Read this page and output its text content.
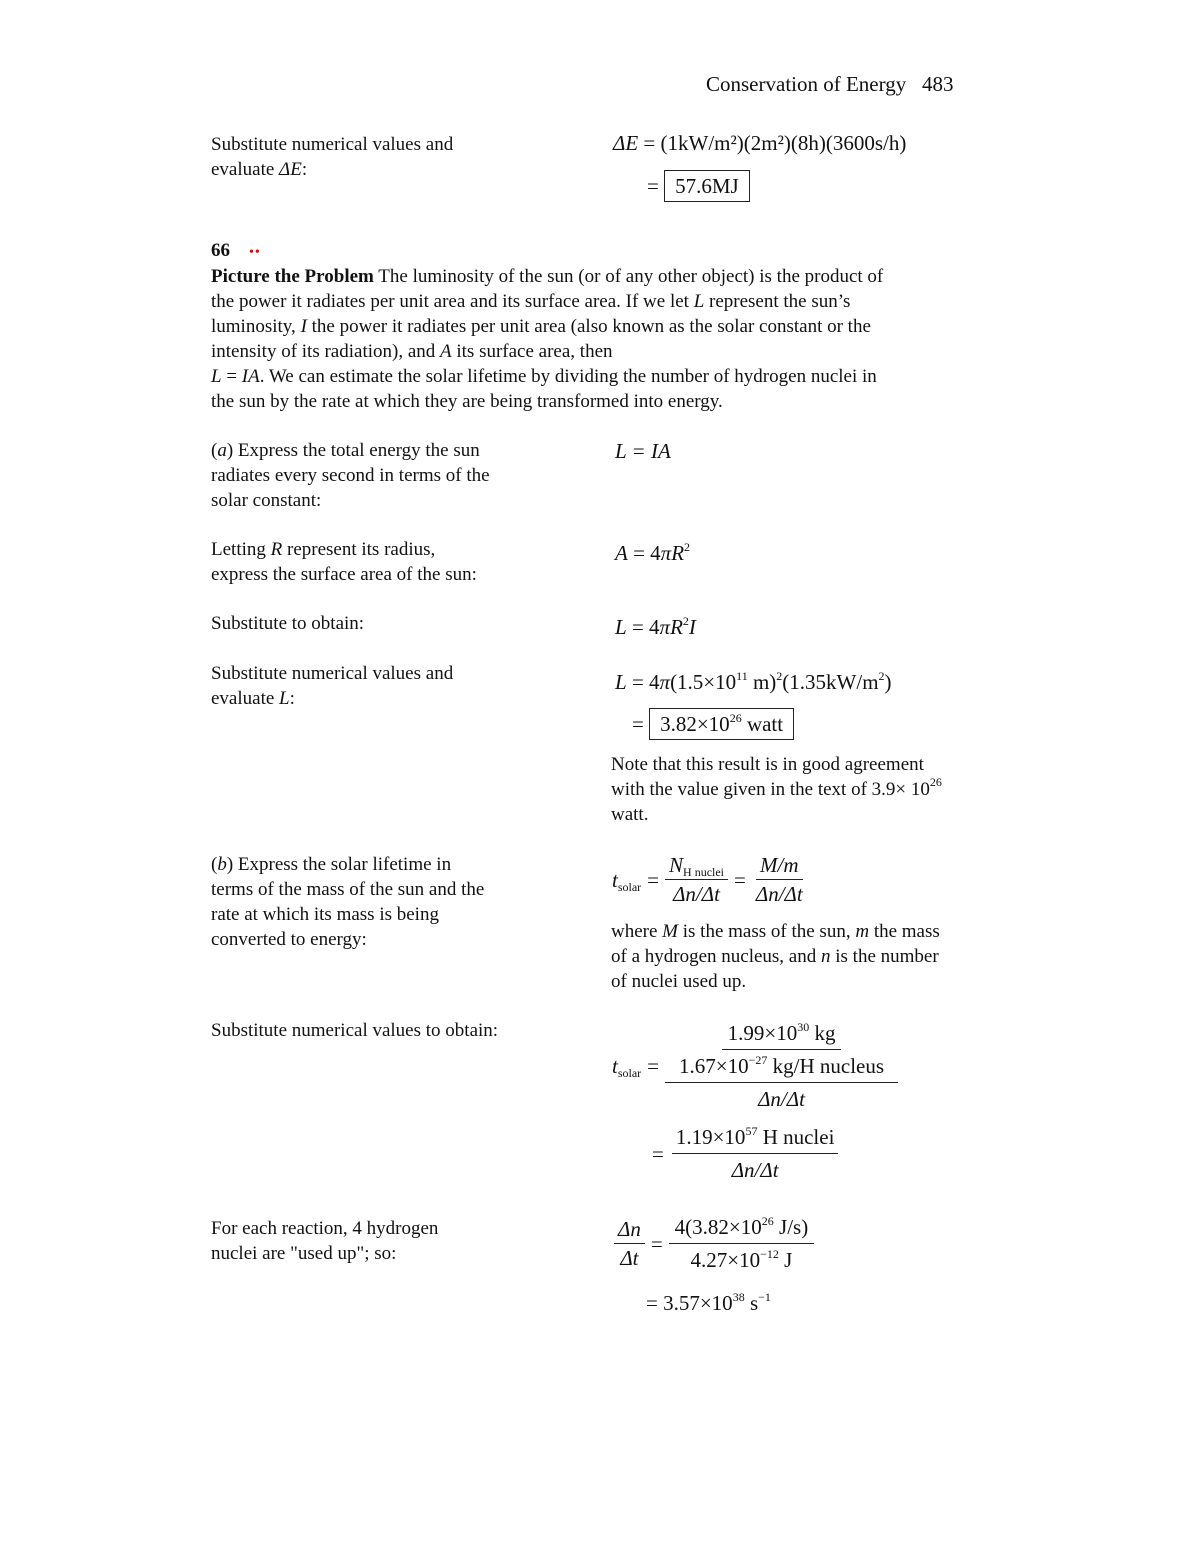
Conservation of Energy 483
Substitute numerical values and
evaluate ΔE:
ΔE = (1kW/m²)(2m²)(8h)(3600s/h)
= 57.6MJ
66 ••
Picture the Problem The luminosity of the sun (or of any other object) is the product of
the power it radiates per unit area and its surface area. If we let L represent the sun’s
luminosity, I the power it radiates per unit area (also known as the solar constant or the
intensity of its radiation), and A its surface area, then
L = IA. We can estimate the solar lifetime by dividing the number of hydrogen nuclei in
the sun by the rate at which they are being transformed into energy.
(a) Express the total energy the sun
radiates every second in terms of the
solar constant:
L = IA
Letting R represent its radius,
express the surface area of the sun:
$A = 4\pi R^2$
Substitute to obtain:	$L = 4\pi R^2I$
Substitute numerical values and
evaluate L:
$L = 4\pi(1.5\times 10^{11}$ $m)^2(1.35kW/m^2)$
= $3.82\times 10^{26}$ watt
Note that this result is in good agreement
with the value given in the text of $3.9\times 10^{26}$
watt.
(b) Express the solar lifetime in
terms of the mass of the sun and the
rate at which its mass is being
converted to energy:
$t_{solar} = \frac{N_{H nuclei}}{\Delta n/\Delta t} = \frac{M/m}{\Delta n/\Delta t}$
where M is the mass of the sun, m the mass
of a hydrogen nucleus, and n is the number
of nuclei used up.
Substitute numerical values to obtain:
$t_{solar} = \frac{\frac{1.99\times 10^{30} kg}{1.67\times 10^{-27} kg/H nucleus}}{\Delta n/\Delta t}$
= $\frac{1.19\times 10^{57} H nuclei}{\Delta n/\Delta t}$
For each reaction, 4 hydrogen
nuclei are "used up"; so:	$\frac{\Delta n}{\Delta t} = \frac{4(3.82\times 10^{26} J/s)}{4.27\times 10^{-12} J}$
= $3.57\times 10^{38}$ $s^{-1}$
